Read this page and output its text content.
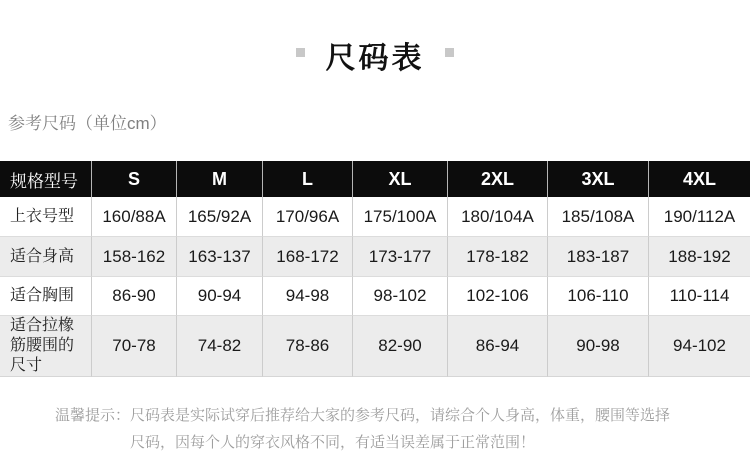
尺码表
参考尺码（单位cm）
规格型号	S	M	L	XL	2XL	3XL	4XL
上衣号型	160/88A	165/92A	170/96A	175/100A	180/104A	185/108A	190/112A
适合身高	158-162	163-137	168-172	173-177	178-182	183-187	188-192
适合胸围	86-90	90-94	94-98	98-102	102-106	106-110	110-114
适合拉橡筋腰围的尺寸	70-78	74-82	78-86	82-90	86-94	90-98	94-102
温馨提示： 尺码表是实际试穿后推荐给大家的参考尺码，请综合个人身高，体重，腰围等选择
尺码，因每个人的穿衣风格不同，有适当误差属于正常范围！
